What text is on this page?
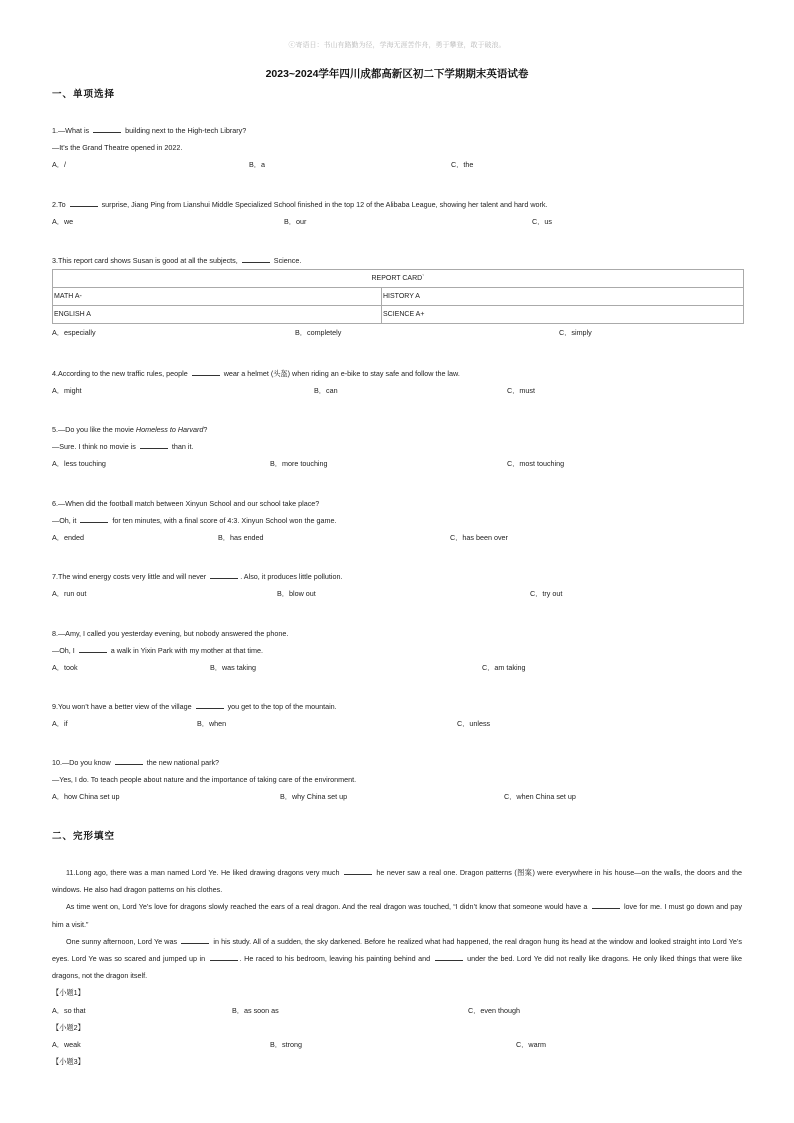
ⓒ寄语日：书山有路勤为径，学海无涯苦作舟，勇于攀登，敢于破浪。
2023~2024学年四川成都高新区初二下学期期末英语试卷
一、单项选择
1.—What is	building next to the High-tech Library?
—It’s the Grand Theatre opened in 2022.
A．/	B．a	C．the
2.To	surprise, Jiang Ping from Lianshui Middle Specialized School finished in the top 12 of the Alibaba League, showing her talent and hard work.
A．we	B．our	C．us
3.This report card shows Susan is good at all the subjects,	Science.
REPORT CARD`	
MATH A-	HISTORY A
ENGLISH A	SCIENCE A+
A．especially	B．completely	C．simply
4.According to the new traffic rules, people	wear a helmet (头盔) when riding an e-bike to stay safe and follow the law.
A．might	B．can	C．must
5.—Do you like the movie Homeless to Harvard?
—Sure. I think no movie is	than it.
A．less touching	B．more touching	C．most touching
6.—When did the football match between Xinyun School and our school take place?
—Oh, it	for ten minutes, with a final score of 4:3. Xinyun School won the game.
A．ended	B．has ended	C．has been over
7.The wind energy costs very little and will never	. Also, it produces little pollution.
A．run out	B．blow out	C．try out
8.—Amy, I called you yesterday evening, but nobody answered the phone.
—Oh, I	a walk in Yixin Park with my mother at that time.
A．took	B．was taking	C．am taking
9.You won’t have a better view of the village	you get to the top of the mountain.
A．if	B．when	C．unless
10.—Do you know	the new national park?
—Yes, I do. To teach people about nature and the importance of taking care of the environment.
A．how China set up	B．why China set up	C．when China set up
二、完形填空

11.Long ago, there was a man named Lord Ye. He liked drawing dragons very much	he never saw a real one. Dragon patterns (图案) were everywhere in his house—on the walls, the doors and the windows. He also had dragon patterns on his clothes.

As time went on, Lord Ye’s love for dragons slowly reached the ears of a real dragon. And the real dragon was touched, “I didn’t know that someone would have a	love for me. I must go down and pay him a visit.”

One sunny afternoon, Lord Ye was	in his study. All of a sudden, the sky darkened. Before he realized what had happened, the real dragon hung its head at the window and looked straight into Lord Ye’s eyes. Lord Ye was so scared and jumped up in	. He raced to his bedroom, leaving his painting behind and	under the bed. Lord Ye did not really like dragons. He only liked things that were like dragons, not the dragon itself.

【小题1】

A．so that	B．as soon as	C．even though

【小题2】

A．weak	B．strong	C．warm

【小题3】
